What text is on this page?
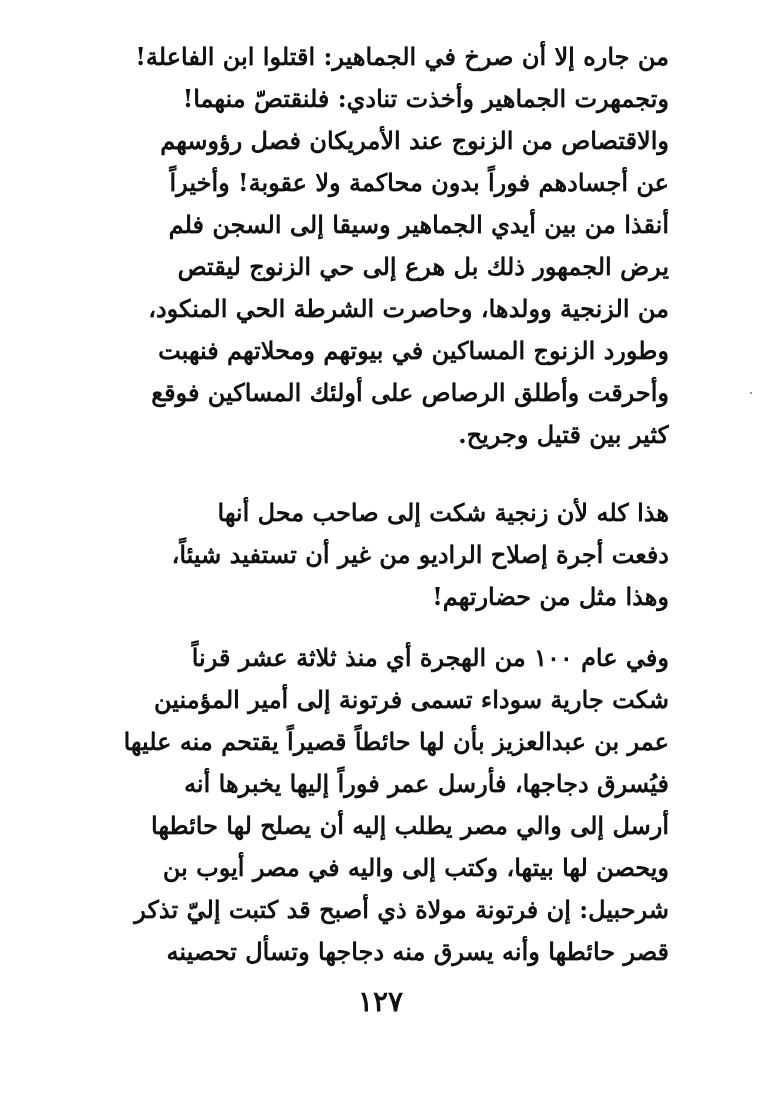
من جاره إلا أن صرخ في الجماهير: اقتلوا ابن الفاعلة!
وتجمهرت الجماهير وأخذت تنادي: فلنقتصّ منهما!
والاقتصاص من الزنوج عند الأمريكان فصل رؤوسهم
عن أجسادهم فوراً بدون محاكمة ولا عقوبة! وأخيراً
أنقذا من بين أيدي الجماهير وسيقا إلى السجن فلم
يرض الجمهور ذلك بل هرع إلى حي الزنوج ليقتص
من الزنجية وولدها، وحاصرت الشرطة الحي المنكود،
وطورد الزنوج المساكين في بيوتهم ومحلاتهم فنهبت
وأحرقت وأطلق الرصاص على أولئك المساكين فوقع
كثير بين قتيل وجريح.
هذا كله لأن زنجية شكت إلى صاحب محل أنها
دفعت أجرة إصلاح الراديو من غير أن تستفيد شيئاً،
وهذا مثل من حضارتهم!
وفي عام ١٠٠ من الهجرة أي منذ ثلاثة عشر قرناً
شكت جارية سوداء تسمى فرتونة إلى أمير المؤمنين
عمر بن عبدالعزيز بأن لها حائطاً قصيراً يقتحم منه عليها
فيُسرق دجاجها، فأرسل عمر فوراً إليها يخبرها أنه
أرسل إلى والي مصر يطلب إليه أن يصلح لها حائطها
ويحصن لها بيتها، وكتب إلى واليه في مصر أيوب بن
شرحبيل: إن فرتونة مولاة ذي أصبح قد كتبت إليّ تذكر
قصر حائطها وأنه يسرق منه دجاجها وتسأل تحصينه
١٢٧
